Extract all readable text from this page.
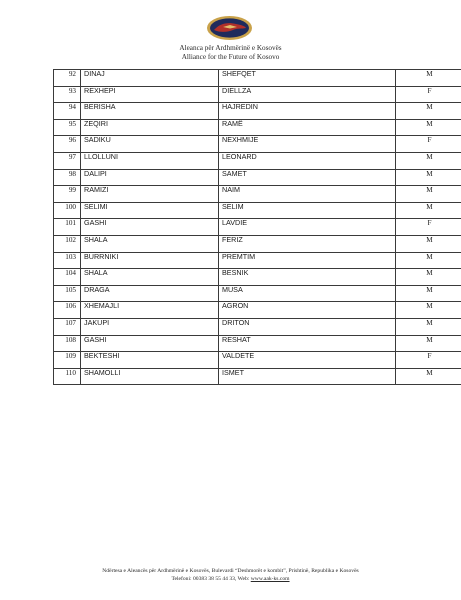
Aleanca për Ardhmërinë e Kosovës
Alliance for the Future of Kosovo
92	DINAJ	SHEFQET	M
93	REXHEPI	DIELLZA	F
94	BERISHA	HAJREDIN	M
95	ZEQIRI	RAMË	M
96	SADIKU	NEXHMIJE	F
97	LLOLLUNI	LEONARD	M
98	DALIPI	SAMET	M
99	RAMIZI	NAIM	M
100	SELIMI	SELIM	M
101	GASHI	LAVDIE	F
102	SHALA	FERIZ	M
103	BURRNIKI	PREMTIM	M
104	SHALA	BESNIK	M
105	DRAGA	MUSA	M
106	XHEMAJLI	AGRON	M
107	JAKUPI	DRITON	M
108	GASHI	RESHAT	M
109	BEKTESHI	VALDETE	F
110	SHAMOLLI	ISMET	M
Ndërtesa e Aleancës për Ardhmërinë e Kosovës, Bulevardi “Deshmorët e kombit”, Prishtinë, Republika e Kosovës
Telefoni: 00383 38 55 44 33, Web: www.aak-ks.com
